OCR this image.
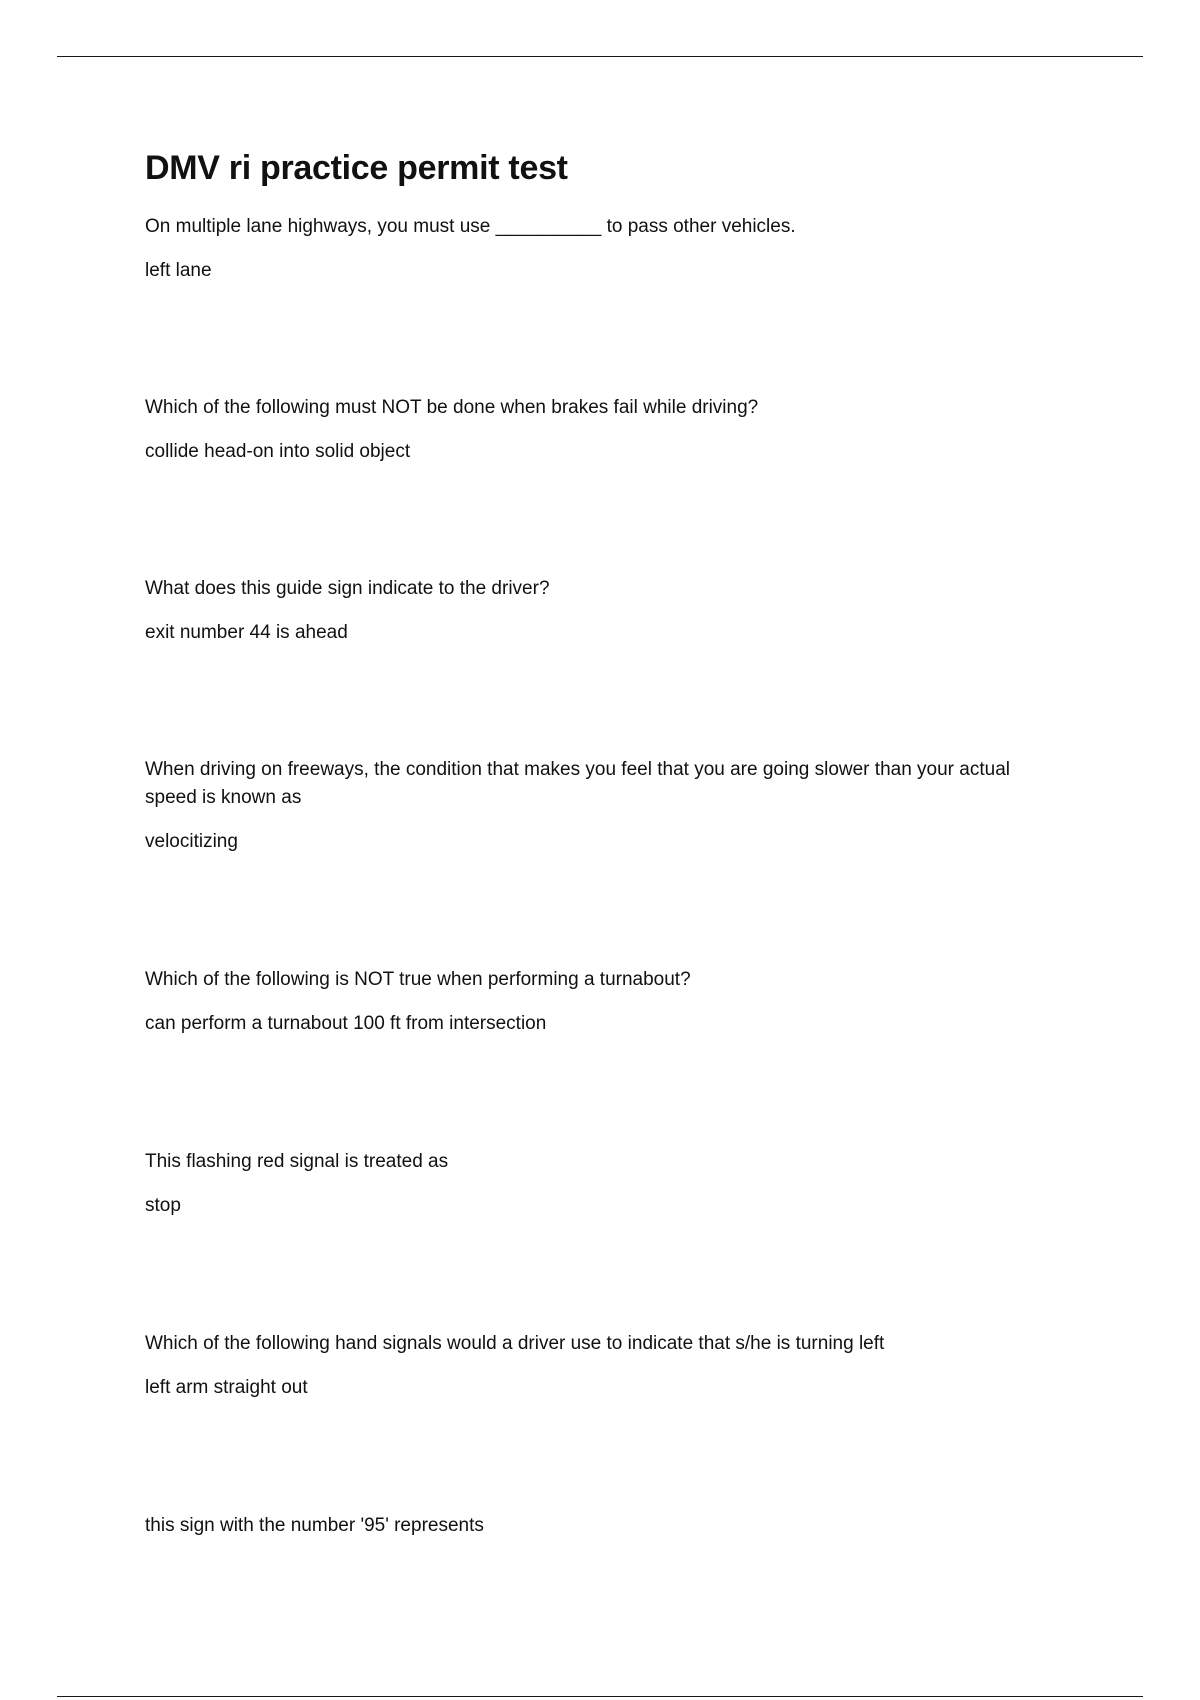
DMV ri practice permit test

On multiple lane highways, you must use __________ to pass other vehicles.

left lane

Which of the following must NOT be done when brakes fail while driving?

collide head-on into solid object

What does this guide sign indicate to the driver?

exit number 44 is ahead

When driving on freeways, the condition that makes you feel that you are going slower than your actual speed is known as

velocitizing

Which of the following is NOT true when performing a turnabout?

can perform a turnabout 100 ft from intersection

This flashing red signal is treated as

stop

Which of the following hand signals would a driver use to indicate that s/he is turning left

left arm straight out

this sign with the number '95' represents
